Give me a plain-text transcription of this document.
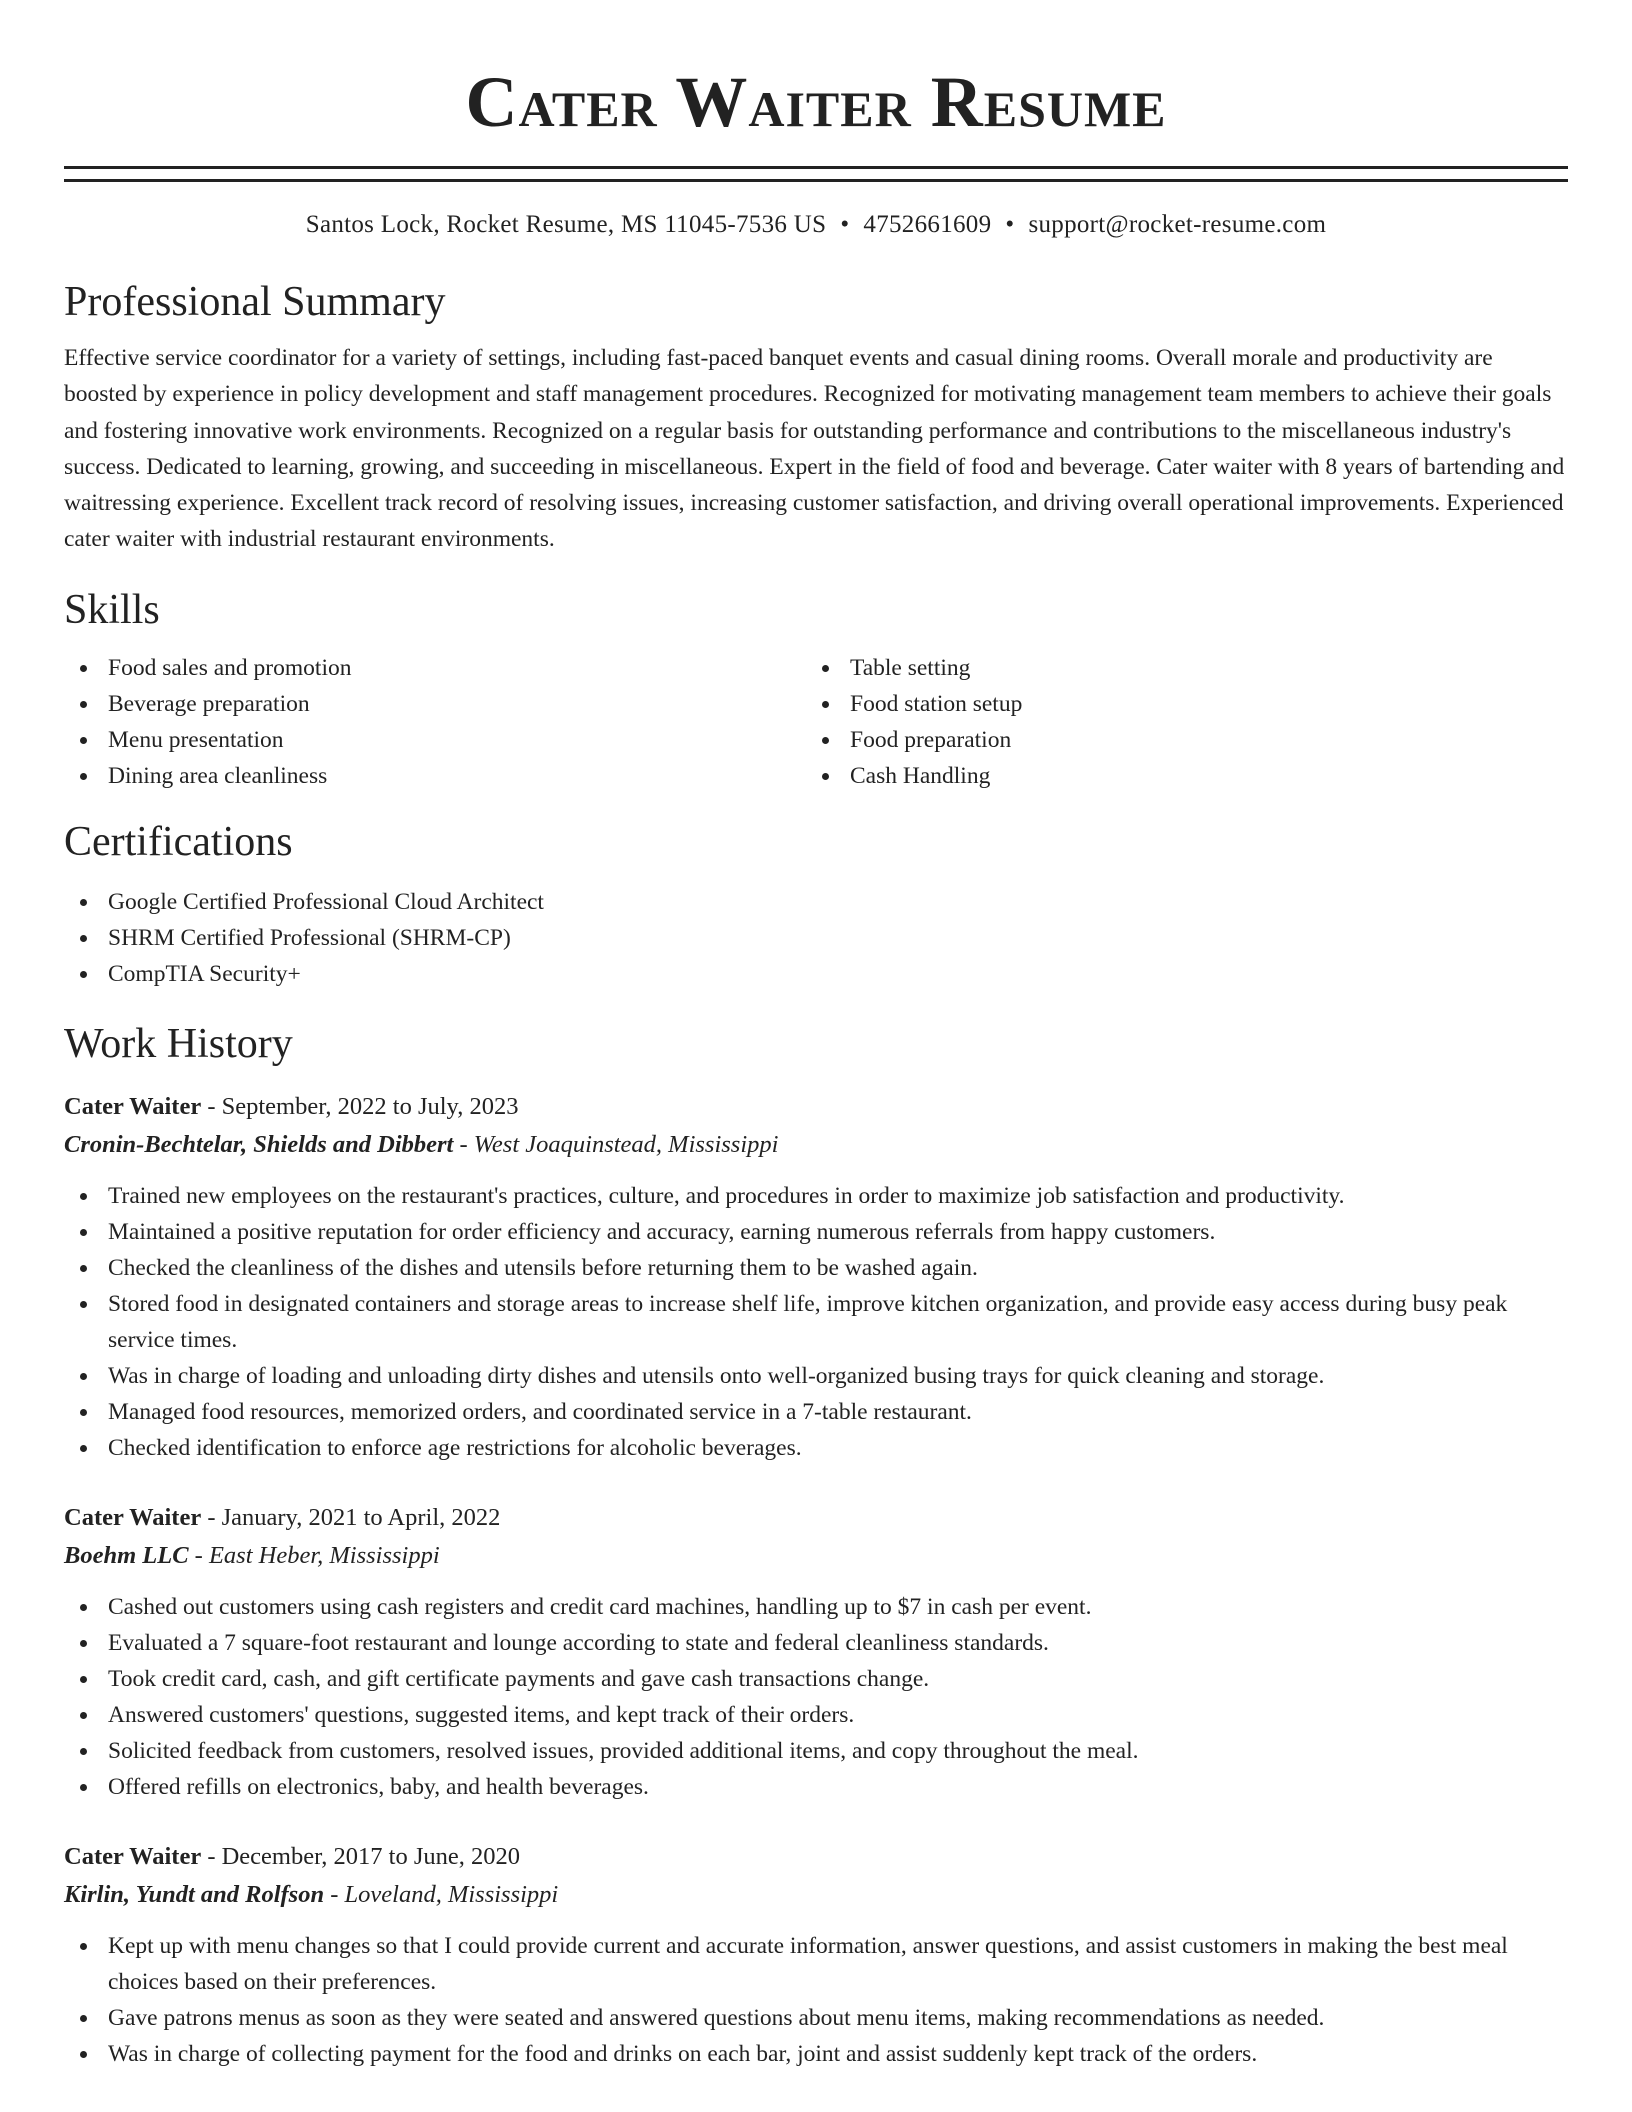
Cater Waiter Resume
Santos Lock, Rocket Resume, MS 11045-7536 US • 4752661609 • support@rocket-resume.com
Professional Summary

Effective service coordinator for a variety of settings, including fast-paced banquet events and casual dining rooms. Overall morale and productivity are boosted by experience in policy development and staff management procedures. Recognized for motivating management team members to achieve their goals and fostering innovative work environments. Recognized on a regular basis for outstanding performance and contributions to the miscellaneous industry's success. Dedicated to learning, growing, and succeeding in miscellaneous. Expert in the field of food and beverage. Cater waiter with 8 years of bartending and waitressing experience. Excellent track record of resolving issues, increasing customer satisfaction, and driving overall operational improvements. Experienced cater waiter with industrial restaurant environments.

Skills
Food sales and promotion
Beverage preparation
Menu presentation
Dining area cleanliness
Table setting
Food station setup
Food preparation
Cash Handling
Certifications
Google Certified Professional Cloud Architect
SHRM Certified Professional (SHRM-CP)
CompTIA Security+
Work History
Cater Waiter - September, 2022 to July, 2023
Cronin-Bechtelar, Shields and Dibbert - West Joaquinstead, Mississippi
Trained new employees on the restaurant's practices, culture, and procedures in order to maximize job satisfaction and productivity.
Maintained a positive reputation for order efficiency and accuracy, earning numerous referrals from happy customers.
Checked the cleanliness of the dishes and utensils before returning them to be washed again.
Stored food in designated containers and storage areas to increase shelf life, improve kitchen organization, and provide easy access during busy peak service times.
Was in charge of loading and unloading dirty dishes and utensils onto well-organized busing trays for quick cleaning and storage.
Managed food resources, memorized orders, and coordinated service in a 7-table restaurant.
Checked identification to enforce age restrictions for alcoholic beverages.
Cater Waiter - January, 2021 to April, 2022
Boehm LLC - East Heber, Mississippi
Cashed out customers using cash registers and credit card machines, handling up to $7 in cash per event.
Evaluated a 7 square-foot restaurant and lounge according to state and federal cleanliness standards.
Took credit card, cash, and gift certificate payments and gave cash transactions change.
Answered customers' questions, suggested items, and kept track of their orders.
Solicited feedback from customers, resolved issues, provided additional items, and copy throughout the meal.
Offered refills on electronics, baby, and health beverages.
Cater Waiter - December, 2017 to June, 2020
Kirlin, Yundt and Rolfson - Loveland, Mississippi
Kept up with menu changes so that I could provide current and accurate information, answer questions, and assist customers in making the best meal choices based on their preferences.
Gave patrons menus as soon as they were seated and answered questions about menu items, making recommendations as needed.
Was in charge of collecting payment for the food and drinks on each bar, joint and assist suddenly kept track of the orders.
